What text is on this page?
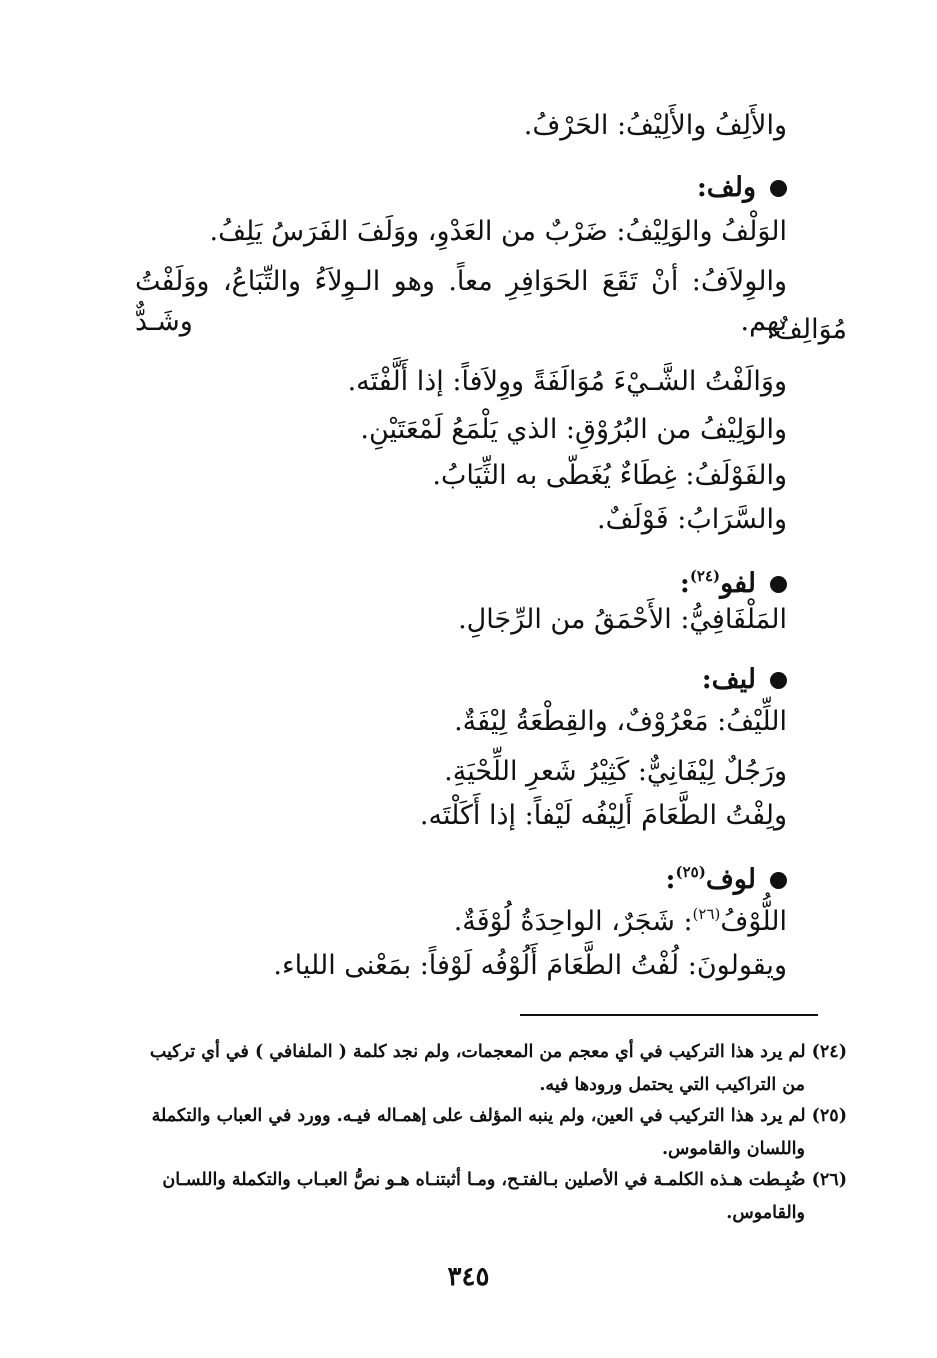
والأَلِفُ والأَلِيْفُ: الحَرْفُ.
ولف:
الوَلْفُ والوَلِيْفُ: ضَرْبٌ من العَدْوِ، ووَلَفَ الفَرَسُ يَلِفُ.
والوِلاَفُ: أنْ تَقَعَ الحَوَافِرِ معاً. وهو الـوِلاَءُ والتِّبَاعُ، ووَلَفْتُ بهم. وشَـدٌّ
مُوَالِفٌ.
ووَالَفْتُ الشَّـيْءَ مُوَالَفَةً ووِلاَفاً: إذا أَلَّفْتَه.
والوَلِيْفُ من البُرُوْقِ: الذي يَلْمَعُ لَمْعَتَيْنِ.
والفَوْلَفُ: غِطَاءٌ يُغَطّى به الثِّيَابُ.
والسَّرَابُ: فَوْلَفٌ.
لفو$^{(٢٤)}$:
المَلْفَافِيُّ: الأَحْمَقُ من الرِّجَالِ.
ليف:
اللِّيْفُ: مَعْرُوْفٌ، والقِطْعَةُ لِيْفَةٌ.
ورَجُلٌ لِيْفَانِيٌّ: كَثِيْرُ شَعرِ اللِّحْيَةِ.
ولِفْتُ الطَّعَامَ أَلِيْفُه لَيْفاً: إذا أَكَلْتَه.
لوف$^{(٢٥)}$:
اللُّوْفُ$^{(٢٦)}$: شَجَرٌ، الواحِدَةُ لُوْفَةٌ.
ويقولونَ: لُفْتُ الطَّعَامَ أَلُوْفُه لَوْفاً: بمَعْنى اللياء.
(٢٤) لم يرد هذا التركيب في أي معجم من المعجمات، ولم نجد كلمة ( الملفافي ) في أي تركيب
من التراكيب التي يحتمل ورودها فيه.
(٢٥) لم يرد هذا التركيب في العين، ولم ينبه المؤلف على إهمـاله فيـه. وورد في العباب والتكملة
واللسان والقاموس.
(٢٦) ضُبِـطت هـذه الكلمـة في الأصلين بـالفتـح، ومـا أثبتنـاه هـو نصُّ العبـاب والتكملة واللسـان
والقاموس.
٣٤٥
